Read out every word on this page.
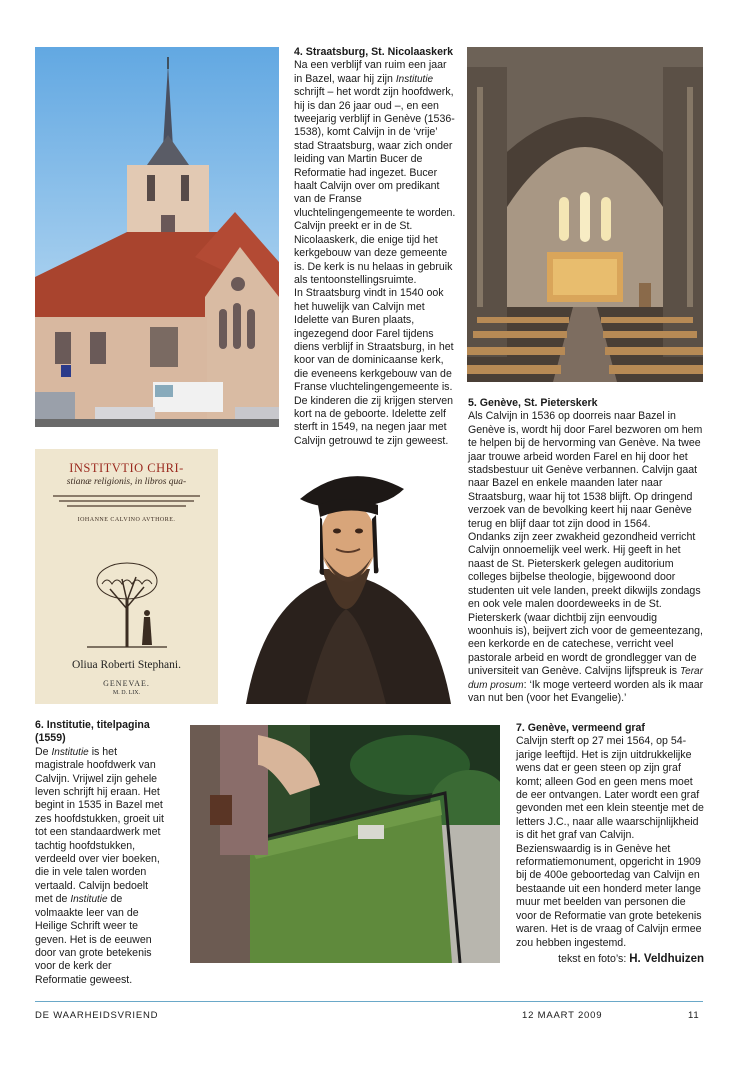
4. Straatsburg, St. Nicolaaskerk

Na een verblijf van ruim een jaar in Bazel, waar hij zijn Institutie schrijft – het wordt zijn hoofdwerk, hij is dan 26 jaar oud –, en een tweejarig verblijf in Genève (1536-1538), komt Calvijn in de ‘vrije’ stad Straatsburg, waar zich onder leiding van Martin Bucer de Reformatie had ingezet. Bucer haalt Calvijn over om predikant van de Franse vluchtelingengemeente te worden. Calvijn preekt er in de St. Nicolaaskerk, die enige tijd het kerkgebouw van deze gemeente is. De kerk is nu helaas in gebruik als tentoonstellingsruimte.

In Straatsburg vindt in 1540 ook het huwelijk van Calvijn met Idelette van Buren plaats, ingezegend door Farel tijdens diens verblijf in Straatsburg, in het koor van de dominicaanse kerk, die eveneens kerkgebouw van de Franse vluchtelingengemeente is. De kinderen die zij krijgen sterven kort na de geboorte. Idelette zelf sterft in 1549, na negen jaar met Calvijn getrouwd te zijn geweest.

5. Genève, St. Pieterskerk

Als Calvijn in 1536 op doorreis naar Bazel in Genève is, wordt hij door Farel bezworen om hem te helpen bij de hervorming van Genève. Na twee jaar trouwe arbeid worden Farel en hij door het stadsbestuur uit Genève verbannen. Calvijn gaat naar Bazel en enkele maanden later naar Straatsburg, waar hij tot 1538 blijft. Op dringend verzoek van de bevolking keert hij naar Genève terug en blijf daar tot zijn dood in 1564.

Ondanks zijn zeer zwakheid gezondheid verricht Calvijn onnoemelijk veel werk. Hij geeft in het naast de St. Pieterskerk gelegen auditorium colleges bijbelse theologie, bijgewoond door studenten uit vele landen, preekt dikwijls zondags en ook vele malen doordeweeks in de St. Pieterskerk (waar dichtbij zijn eenvoudig woonhuis is), beijvert zich voor de gemeentezang, een kerkorde en de catechese, verricht veel pastorale arbeid en wordt de grondlegger van de universiteit van Genève. Calvijns lijfspreuk is Terar dum prosum: ‘Ik moge verteerd worden als ik maar van nut ben (voor het Evangelie).’

INSTITVTIO CHRI-
stianæ religionis, in libros qua-
IOHANNE CALVINO AVTHORE.
Oliua Roberti Stephani.
GENEVAE.
M. D. LIX.

6. Institutie, titelpagina (1559)

De Institutie is het magistrale hoofdwerk van Calvijn. Vrijwel zijn gehele leven schrijft hij eraan. Het begint in 1535 in Bazel met zes hoofdstukken, groeit uit tot een standaardwerk met tachtig hoofdstukken, verdeeld over vier boeken, die in vele talen worden vertaald. Calvijn bedoelt met de Institutie de volmaakte leer van de Heilige Schrift weer te geven. Het is de eeuwen door van grote betekenis voor de kerk der Reformatie geweest.

7. Genève, vermeend graf

Calvijn sterft op 27 mei 1564, op 54-jarige leeftijd. Het is zijn uitdrukkelijke wens dat er geen steen op zijn graf komt; alleen God en geen mens moet de eer ontvangen. Later wordt een graf gevonden met een klein steentje met de letters J.C., naar alle waarschijnlijkheid is dit het graf van Calvijn.

Bezienswaardig is in Genève het reformatiemonument, opgericht in 1909 bij de 400e geboortedag van Calvijn en bestaande uit een honderd meter lange muur met beelden van personen die voor de Reformatie van grote betekenis waren. Het is de vraag of Calvijn ermee zou hebben ingestemd.

tekst en foto’s: H. Veldhuizen
DE WAARHEIDSVRIEND	12 MAART 2009	11
